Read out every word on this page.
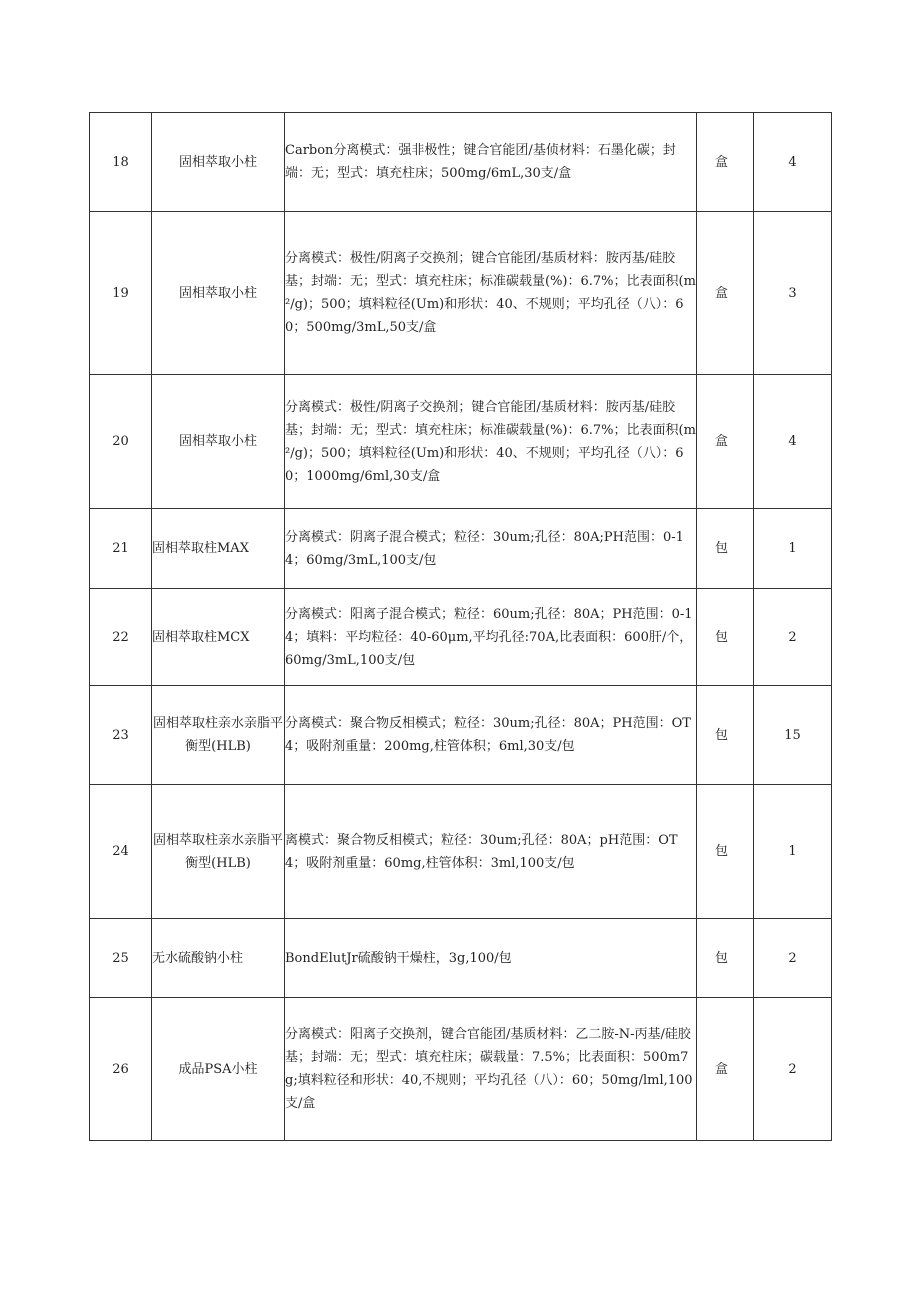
18	固相萃取小柱	Carbon分离模式：强非极性；键合官能团/基侦材料：石墨化碳；封端：无；型式：填充柱床；500mg/6mL,30支/盒	盒	4
19	固相萃取小柱	分离模式：极性/阴离子交换剂；键合官能团/基质材料：胺丙基/硅胶基；封端：无；型式：填充柱床；标准碳载量(%)：6.7%；比表面积(m²/g)；500；填料粒径(Um)和形状：40、不规则；平均孔径（八）：60；500mg/3mL,50支/盒	盒	3
20	固相萃取小柱	分离模式：极性/阴离子交换剂；键合官能团/基质材料：胺丙基/硅胶基；封端：无；型式：填充柱床；标准碳载量(%)：6.7%；比表面积(m²/g)；500；填料粒径(Um)和形状：40、不规则；平均孔径（八）：60；1000mg/6ml,30支/盒	盒	4
21	固相萃取柱MAX	分离模式：阴离子混合模式；粒径：30um;孔径：80A;PH范围：0-14；60mg/3mL,100支/包	包	1
22	固相萃取柱MCX	分离模式：阳离子混合模式；粒径：60um;孔径：80A；PH范围：0-14；填料：平均粒径：40-60μm,平均孔径:70A,比表面积：600肝/个，60mg/3mL,100支/包	包	2
23	固相萃取柱亲水亲脂平衡型(HLB)	分离模式：聚合物反相模式；粒径：30um;孔径：80A；PH范围：OT4；吸附剂重量：200mg,柱管体积；6ml,30支/包	包	15
24	固相萃取柱亲水亲脂平衡型(HLB)	离模式：聚合物反相模式；粒径：30um;孔径：80A；pH范围：OT4；吸附剂重量：60mg,柱管体积：3ml,100支/包	包	1
25	无水硫酸钠小柱	BondElutJr硫酸钠干燥柱，3g,100/包	包	2
26	成品PSA小柱	分离模式：阳离子交换剂，键合官能团/基质材料：乙二胺-N-丙基/硅胶基；封端：无；型式：填充柱床；碳载量：7.5%；比表面积：500m7g;填料粒径和形状：40,不规则；平均孔径（八）：60；50mg/lml,100支/盒	盒	2
